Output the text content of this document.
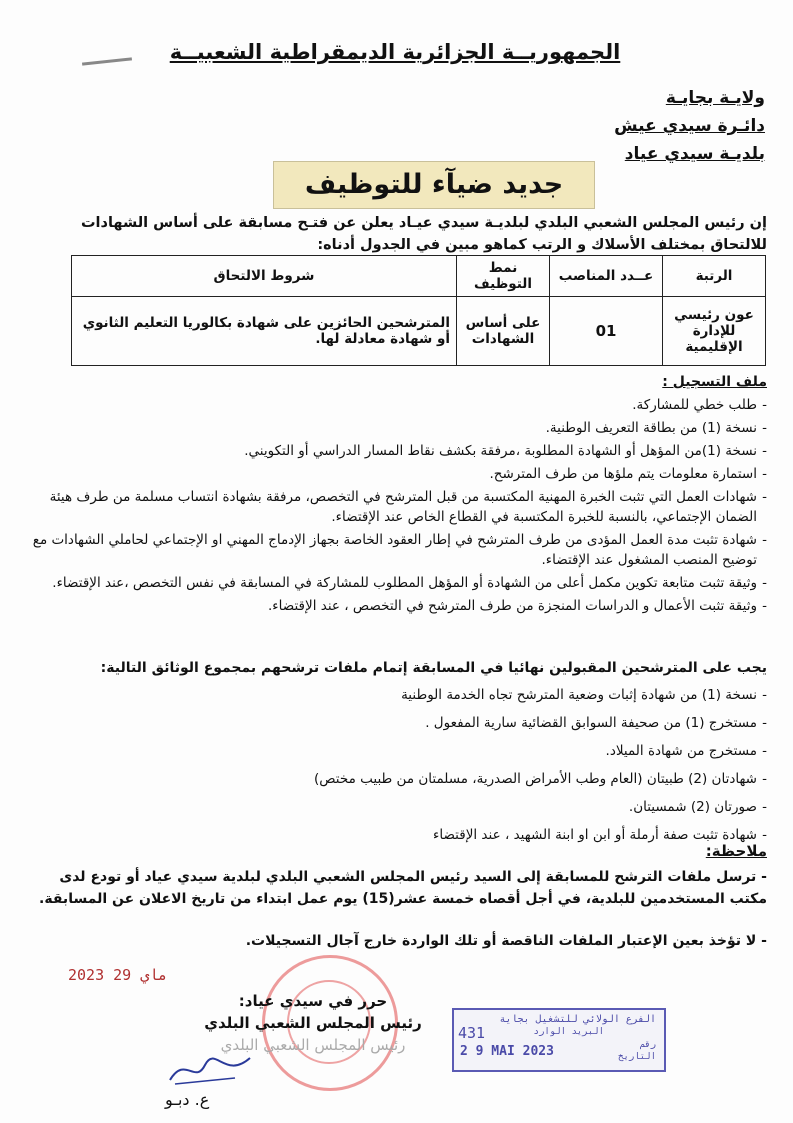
الجمهوريــة الجزائرية الديمقراطية الشعبيــة
ولايـة بجايـة
دائـرة سيدي عيش
بلديـة سيدي عياد
جديد ضيآء للتوظيف
إن رئيس المجلس الشعبي البلدي لبلديـة سيدي عيـاد يعلن عن فتـح مسابقة على أساس الشهادات للالتحاق بمختلف الأسلاك و الرتب كماهو مبين في الجدول أدناه:
الرتبة	عــدد المناصب	نمط التوظيف	شروط الالتحاق
عون رئيسي للإدارة الإقليمية	01	على أساس الشهادات	المترشحين الحائزين على شهادة بكالوريا التعليم الثانوي أو شهادة معادلة لها.
ملف التسجيل :
- طلب خطي للمشاركة.
- نسخة (1) من بطاقة التعريف الوطنية.
- نسخة (1)من المؤهل أو الشهادة المطلوبة ،مرفقة بكشف نقاط المسار الدراسي أو التكويني.
- استمارة معلومات يتم ملؤها من طرف المترشح.
- شهادات العمل التي تثبت الخبرة المهنية المكتسبة من قبل المترشح في التخصص، مرفقة بشهادة انتساب مسلمة من طرف هيئة الضمان الإجتماعي، بالنسبة للخبرة المكتسبة في القطاع الخاص عند الإقتضاء.
- شهادة تثبت مدة العمل المؤدى من طرف المترشح في إطار العقود الخاصة بجهاز الإدماج المهني او الإجتماعي لحاملي الشهادات مع توضيح المنصب المشغول عند الإقتضاء.
- وثيقة تثبت متابعة تكوين مكمل أعلى من الشهادة أو المؤهل المطلوب للمشاركة في المسابقة في نفس التخصص ،عند الإقتضاء.
- وثيقة تثبت الأعمال و الدراسات المنجزة من طرف المترشح في التخصص ، عند الإقتضاء.
يجب على المترشحين المقبولين نهائيا في المسابقة إتمام ملفات ترشحهم بمجموع الوثائق التالية:
- نسخة (1) من شهادة إثبات وضعية المترشح تجاه الخدمة الوطنية
- مستخرج (1) من صحيفة السوابق القضائية سارية المفعول .
- مستخرج من شهادة الميلاد.
- شهادتان (2) طبيتان (العام وطب الأمراض الصدرية، مسلمتان من طبيب مختص)
- صورتان (2) شمسيتان.
- شهادة تثبت صفة أرملة أو ابن او ابنة الشهيد ، عند الإقتضاء
ملاحظة:
- ترسل ملفات الترشح للمسابقة إلى السيد رئيس المجلس الشعبي البلدي لبلدية سيدي عياد أو تودع لدى مكتب المستخدمين للبلدية، في أجل أقصاه خمسة عشر(15) يوم عمل ابتداء من تاريخ الاعلان عن المسابقة.
- لا تؤخذ بعين الإعتبار الملفات الناقصة أو تلك الواردة خارج آجال التسجيلات.
2023 ماي 29
حرر في سيدي عياد:
رئيس المجلس الشعبي البلدي
رئيس المجلس الشعبي البلدي
ع. دبـو
الفرع الولائي للتشغيل بجاية
البريد الوارد
431
2 9 MAI 2023	رقم
التاريخ
